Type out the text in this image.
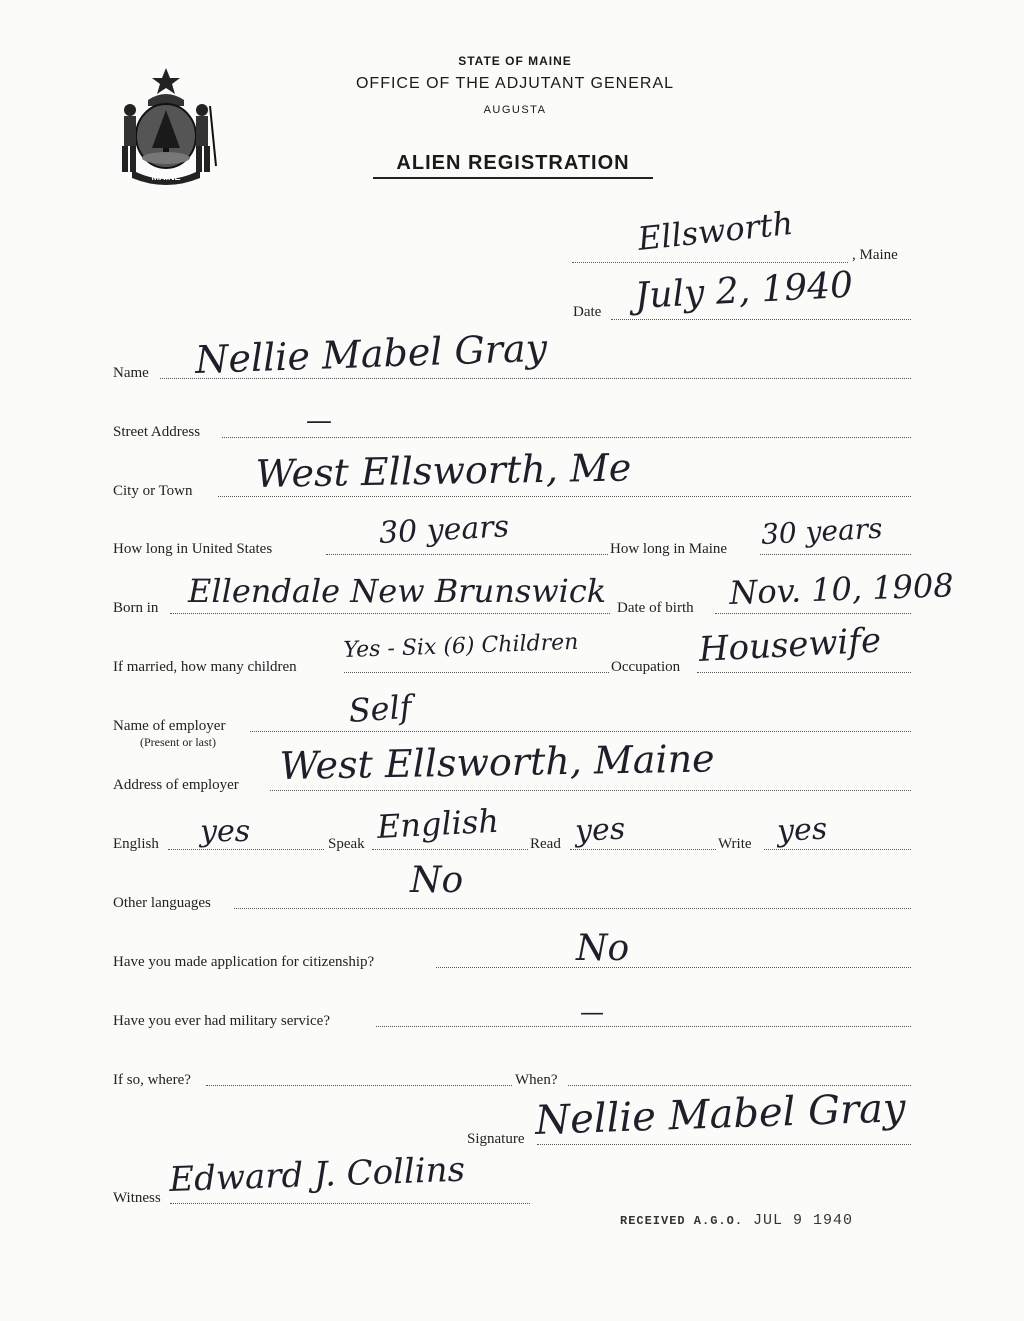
MAINE
STATE OF MAINE
OFFICE OF THE ADJUTANT GENERAL
AUGUSTA
ALIEN REGISTRATION
, Maine
Ellsworth
Date July 2, 1940
Name Nellie Mabel Gray
Street Address	—
City or Town West Ellsworth, Me
How long in United States	30 years	How long in Maine 30 years
Born in Ellendale New Brunswick Date of birth Nov. 10, 1908
If married, how many children
Yes - Six (6) Children
Occupation Housewife
Name of employer
(Present or last)
Self
Address of employer West Ellsworth, Maine
English yes	Speak English Read yes	Write yes
Other languages
No
Have you made application for citizenship?	No
Have you ever had military service?	—
If so, where?	When?
Signature Nellie Mabel Gray
Witness Edward J. Collins
RECEIVED A.G.O. JUL 9 1940
